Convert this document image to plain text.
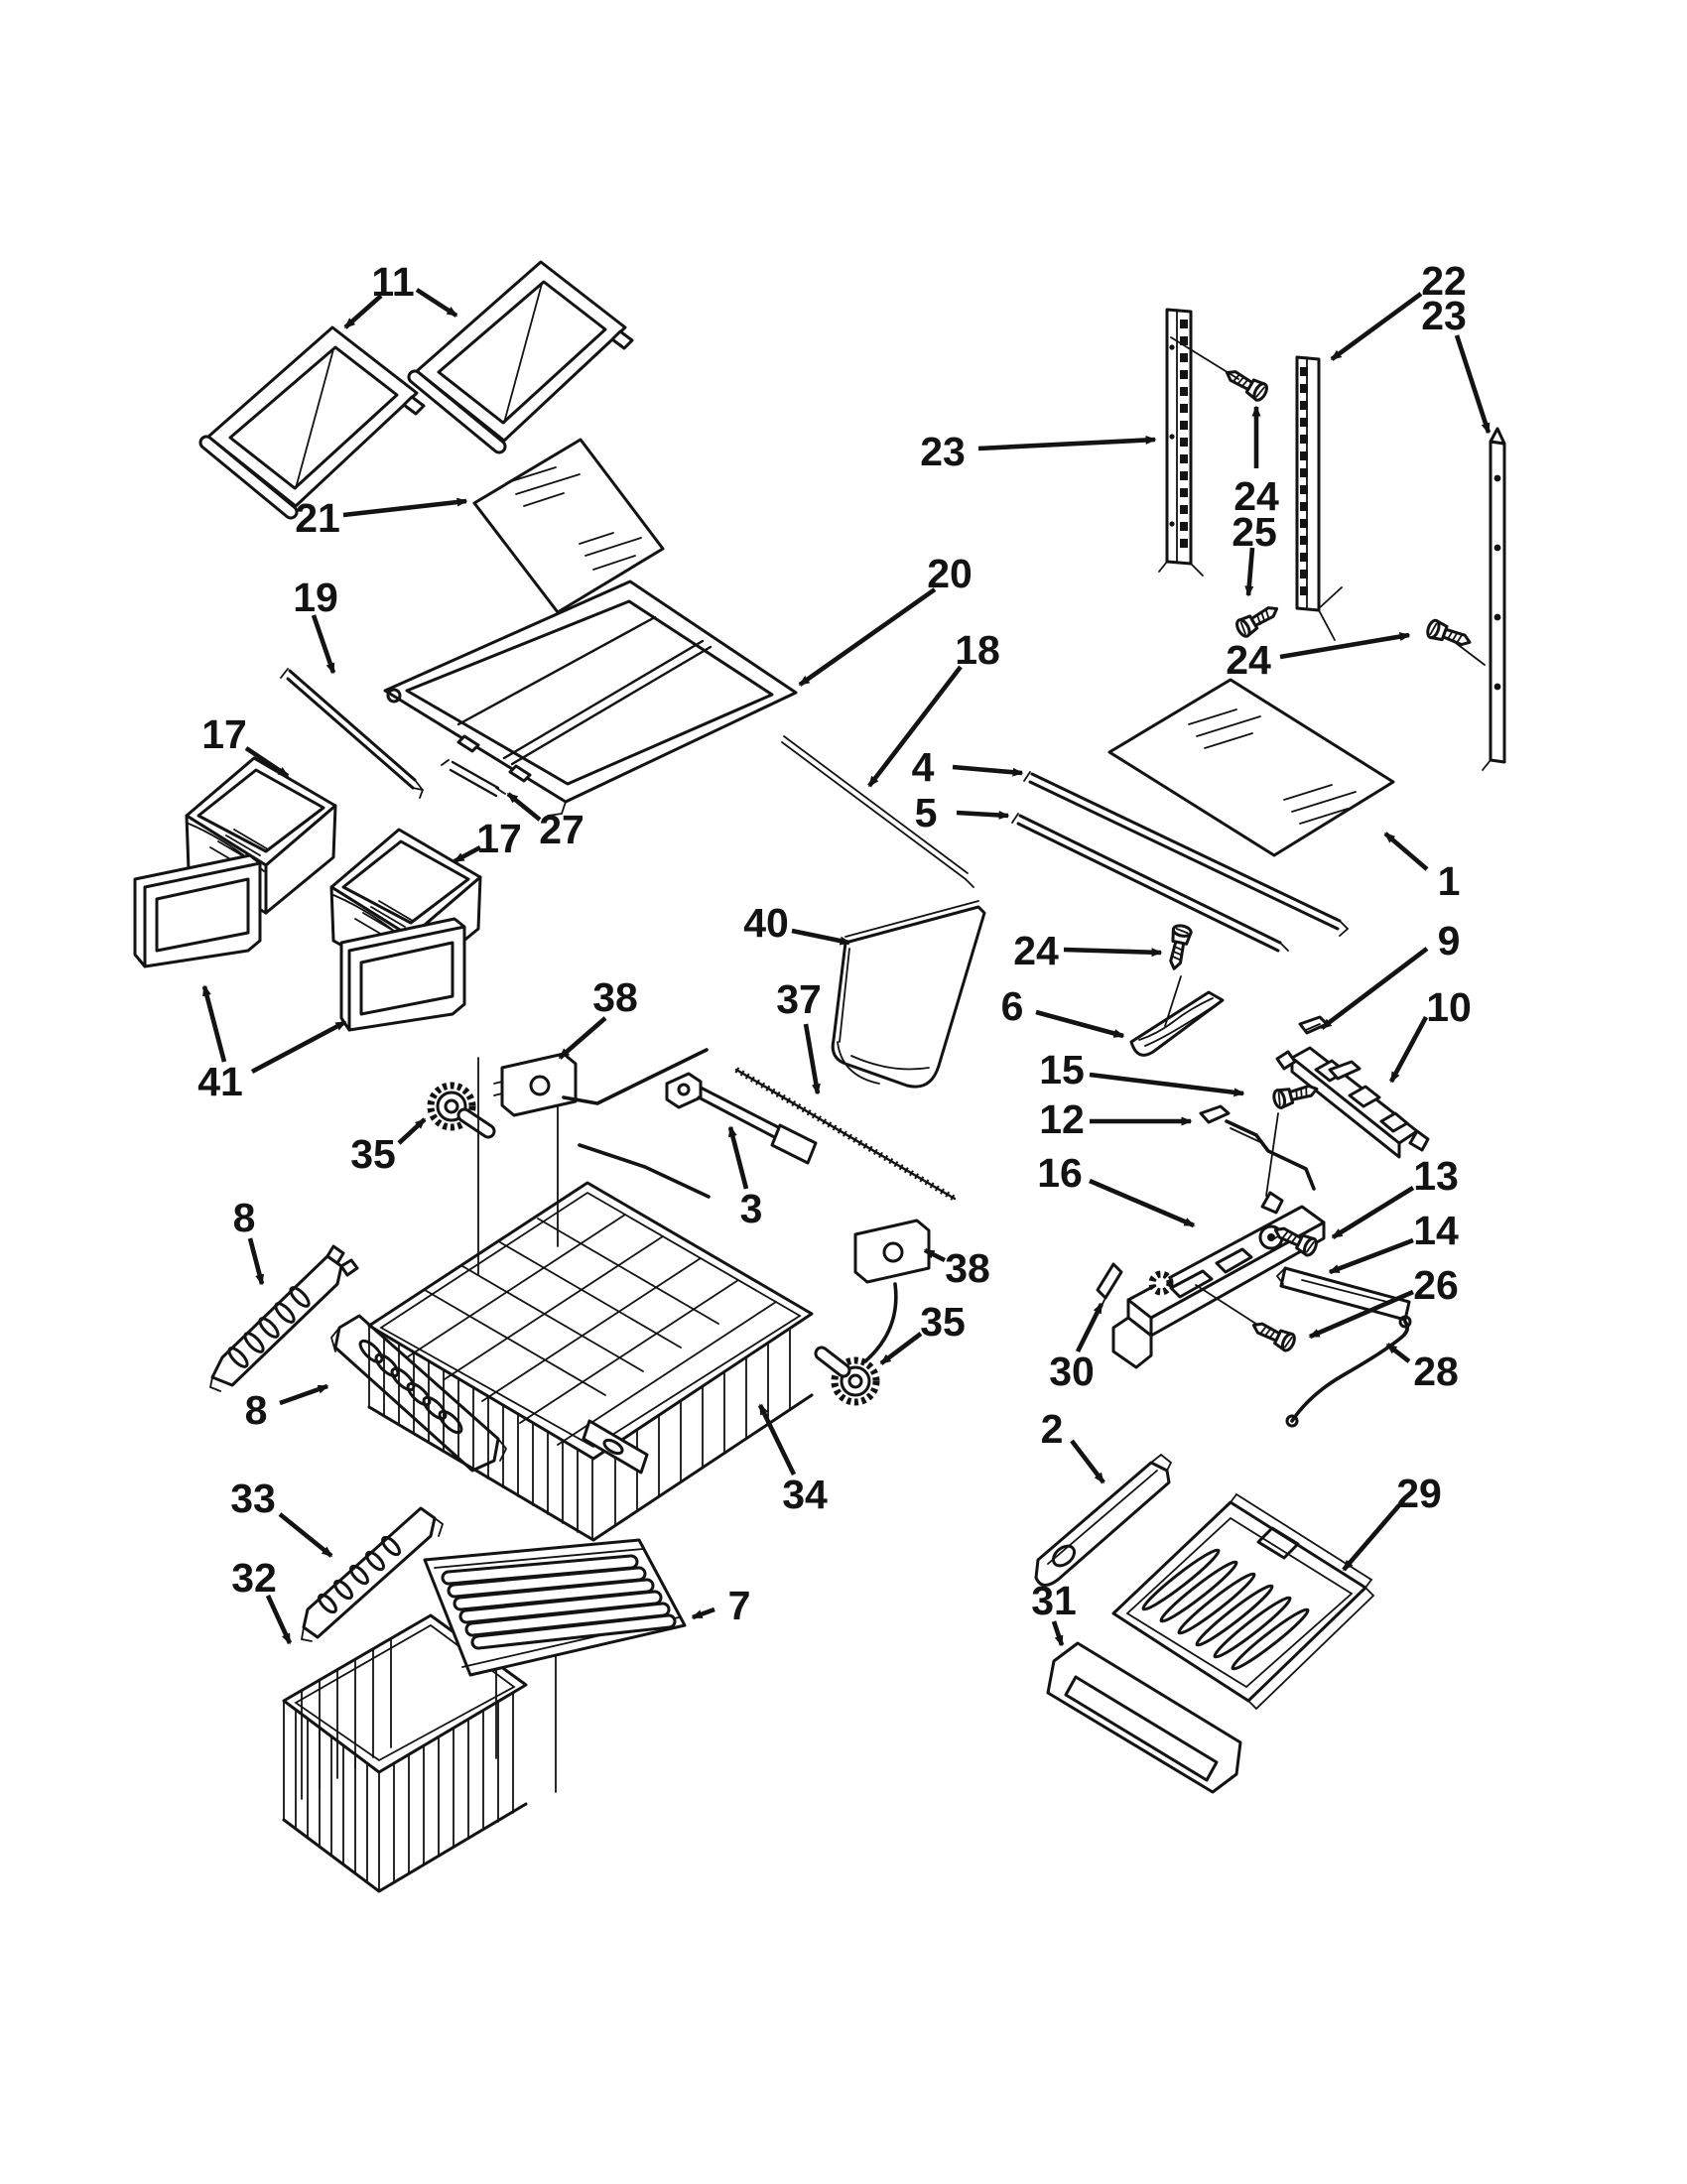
11
21
19
20
18
27
17
17
41
23
22
23
24
25
24
4
5
1
40
24
6
9
10
15
12
16	13
14
26
28
30
37
38
3
35
8
8
38
35
34
2
33
32
7
29
31
